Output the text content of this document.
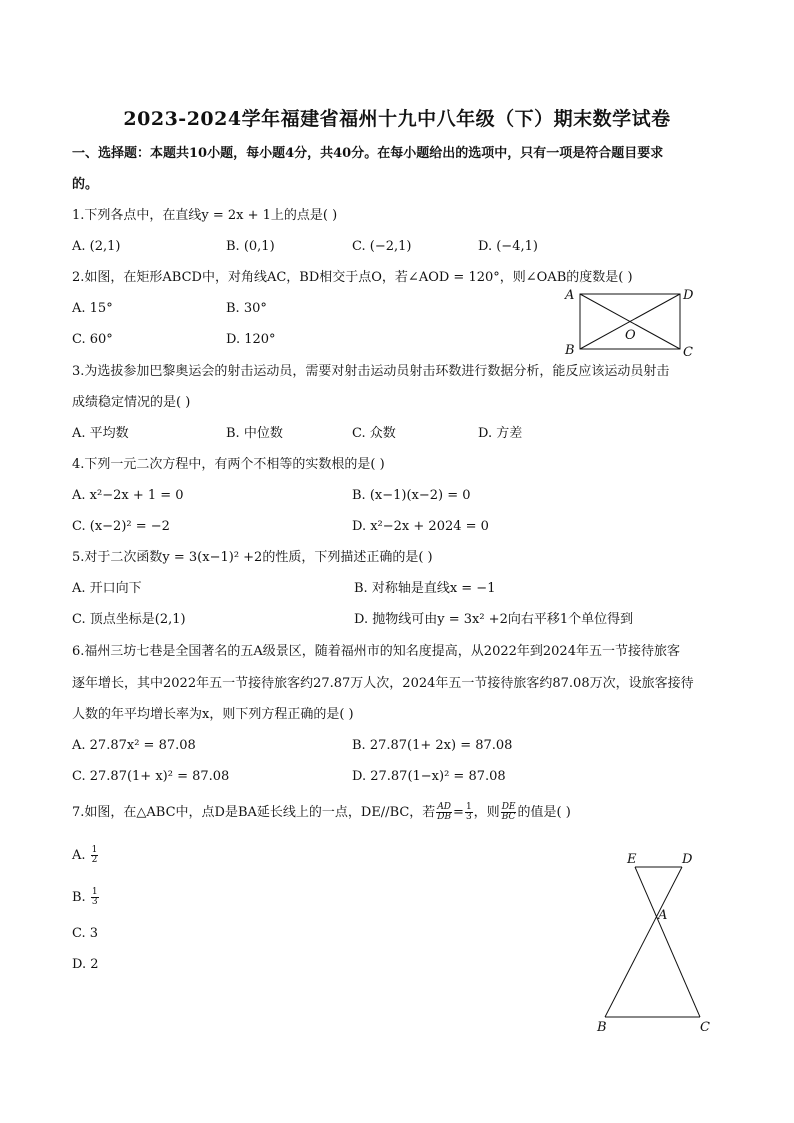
2023-2024学年福建省福州十九中八年级（下）期末数学试卷
一、选择题：本题共10小题，每小题4分，共40分。在每小题给出的选项中，只有一项是符合题目要求
的。
1.下列各点中，在直线y = 2x + 1上的点是( )
A. (2,1)	B. (0,1)	C. (−2,1)	D. (−4,1)
2.如图，在矩形ABCD中，对角线AC，BD相交于点O，若∠AOD = 120°，则∠OAB的度数是( )
A. 15°	B. 30°
C. 60°	D. 120°
A	D
B	C
O
3.为选拔参加巴黎奥运会的射击运动员，需要对射击运动员射击环数进行数据分析，能反应该运动员射击
成绩稳定情况的是( )
A. 平均数	B. 中位数	C. 众数	D. 方差
4.下列一元二次方程中，有两个不相等的实数根的是( )
A. x²−2x + 1 = 0	B. (x−1)(x−2) = 0
C. (x−2)² = −2	D. x²−2x + 2024 = 0
5.对于二次函数y = 3(x−1)² +2的性质，下列描述正确的是( )
A. 开口向下	B. 对称轴是直线x = −1
C. 顶点坐标是(2,1)	D. 抛物线可由y = 3x² +2向右平移1个单位得到
6.福州三坊七巷是全国著名的五A级景区，随着福州市的知名度提高，从2022年到2024年五一节接待旅客
逐年增长，其中2022年五一节接待旅客约27.87万人次，2024年五一节接待旅客约87.08万次，设旅客接待
人数的年平均增长率为x，则下列方程正确的是( )
A. 27.87x² = 87.08	B. 27.87(1+ 2x) = 87.08
C. 27.87(1+ x)² = 87.08	D. 27.87(1−x)² = 87.08
7.如图，在△ABC中，点D是BA延长线上的一点，DE//BC，若 $\frac{AD}{DB} = \frac{1}{3}$ ，则 $\frac{DE}{BC}$ 的值是( )
A. $\frac{1}{2}$
B. $\frac{1}{3}$
C. 3
D. 2
E	D
A
B	C
